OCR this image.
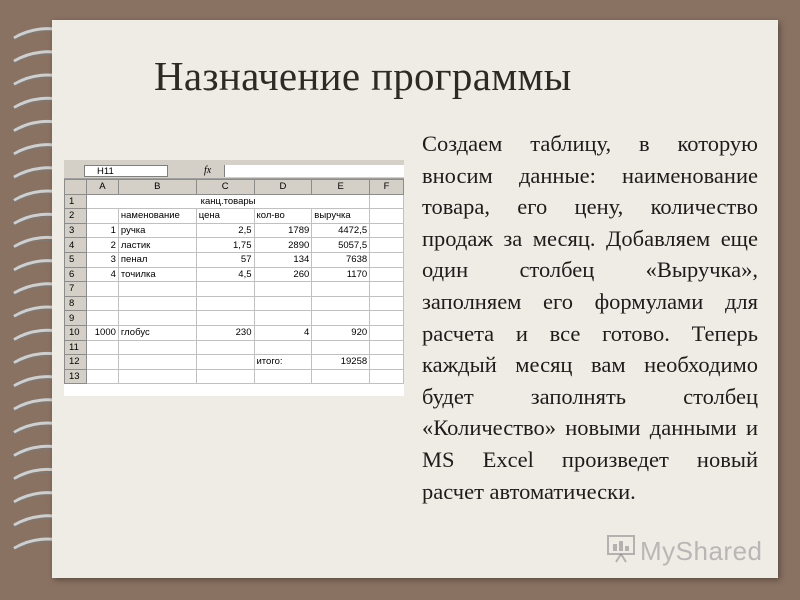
Назначение программы
H11	fx
	A	B	C	D	E	F
1	канц.товары					
2		наменование	цена	кол-во	выручка	
3	1	ручка	2,5	1789	4472,5	
4	2	ластик	1,75	2890	5057,5	
5	3	пенал	57	134	7638	
6	4	точилка	4,5	260	1170	
7						
8						
9						
10	1000	глобус	230	4	920	
11						
12				итого:	19258	
13						

Создаем таблицу, в которую вносим данные: наименование товара, его цену, количество продаж за месяц. Добавляем еще один столбец «Выручка», заполняем его формулами для расчета и все готово. Теперь каждый месяц вам необходимо будет заполнять столбец «Количество» новыми данными и MS Excel произведет новый расчет автоматически.

MyShared
